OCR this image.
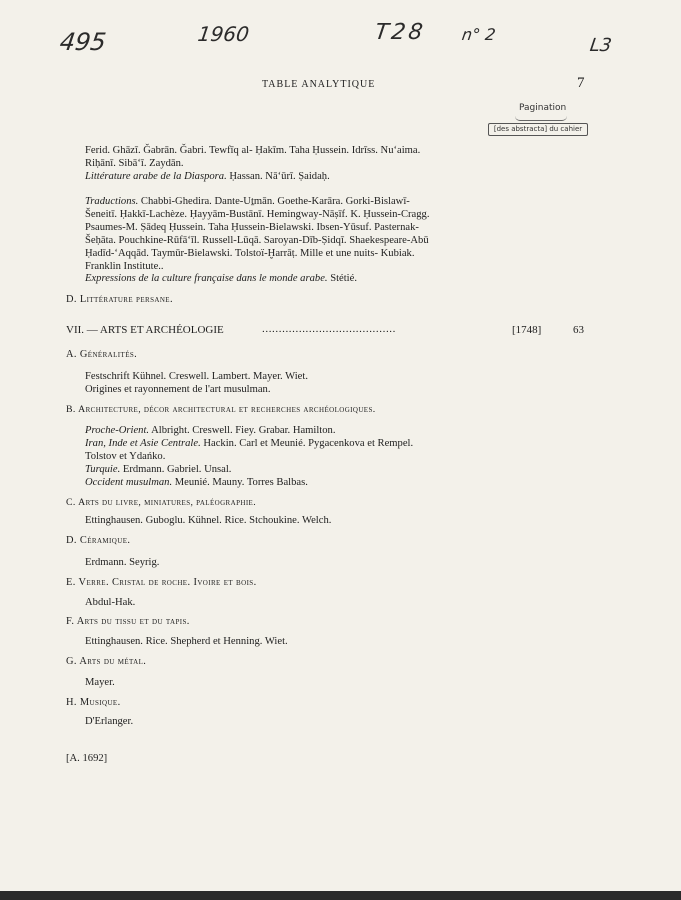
495	1960	T28 n° 2
L3
TABLE ANALYTIQUE	7
Pagination
[des abstracta] du cahier

Ferid. Ghāzī. Ǧabrān. Ǧabri. Tewfīq al- Ḥakīm. Taha Ḥussein. Idrīss. Nu‘aima.

Riḥānī. Sibā‘ī. Zaydān.

Littérature arabe de la Diaspora. Ḥassan. Nā‘ūrī. Ṣaidaḥ.

Traductions. Chabbi-Ghedira. Dante-Uṯmān. Goethe-Karāra. Gorki-Bislawī-

Šeneitī. Ḥakkī-Lachèze. Ḥayyām-Bustānī. Hemingway-Nāṣīf. K. Ḥussein-Cragg.

Psaumes-M. Ṣādeq Ḥussein. Taha Ḥussein-Bielawski. Ibsen-Yūsuf. Pasternak-

Šeḥāta. Pouchkine-Rūfā‘īl. Russell-Lūqā. Saroyan-Dīb-Ṣidqī. Shaekespeare-Abū

Ḥadīd-‘Aqqād. Taymūr-Bielawski. Tolstoï-Ḫarrāṭ. Mille et une nuits- Kubiak.

Franklin Institute..

Expressions de la culture française dans le monde arabe. Stétié.

D. Littérature persane.
VII. — ARTS ET ARCHÉOLOGIE	........................................	[1748]	63
A. Généralités.
Festschrift Kühnel. Creswell. Lambert. Mayer. Wiet.
Origines et rayonnement de l'art musulman.
B. Architecture, décor architectural et recherches archéologiques.
Proche-Orient. Albright. Creswell. Fiey. Grabar. Hamilton.
Iran, Inde et Asie Centrale. Hackin. Carl et Meunié. Pygacenkova et Rempel.
Tolstov et Ydańko.
Turquie. Erdmann. Gabriel. Unsal.
Occident musulman. Meunié. Mauny. Torres Balbas.
C. Arts du livre, miniatures, paléographie.
Ettinghausen. Guboglu. Kühnel. Rice. Stchoukine. Welch.
D. Céramique.
Erdmann. Seyrig.
E. Verre. Cristal de roche. Ivoire et bois.
Abdul-Hak.
F. Arts du tissu et du tapis.
Ettinghausen. Rice. Shepherd et Henning. Wiet.
G. Arts du métal.
Mayer.
H. Musique.
D'Erlanger.
[A. 1692]
